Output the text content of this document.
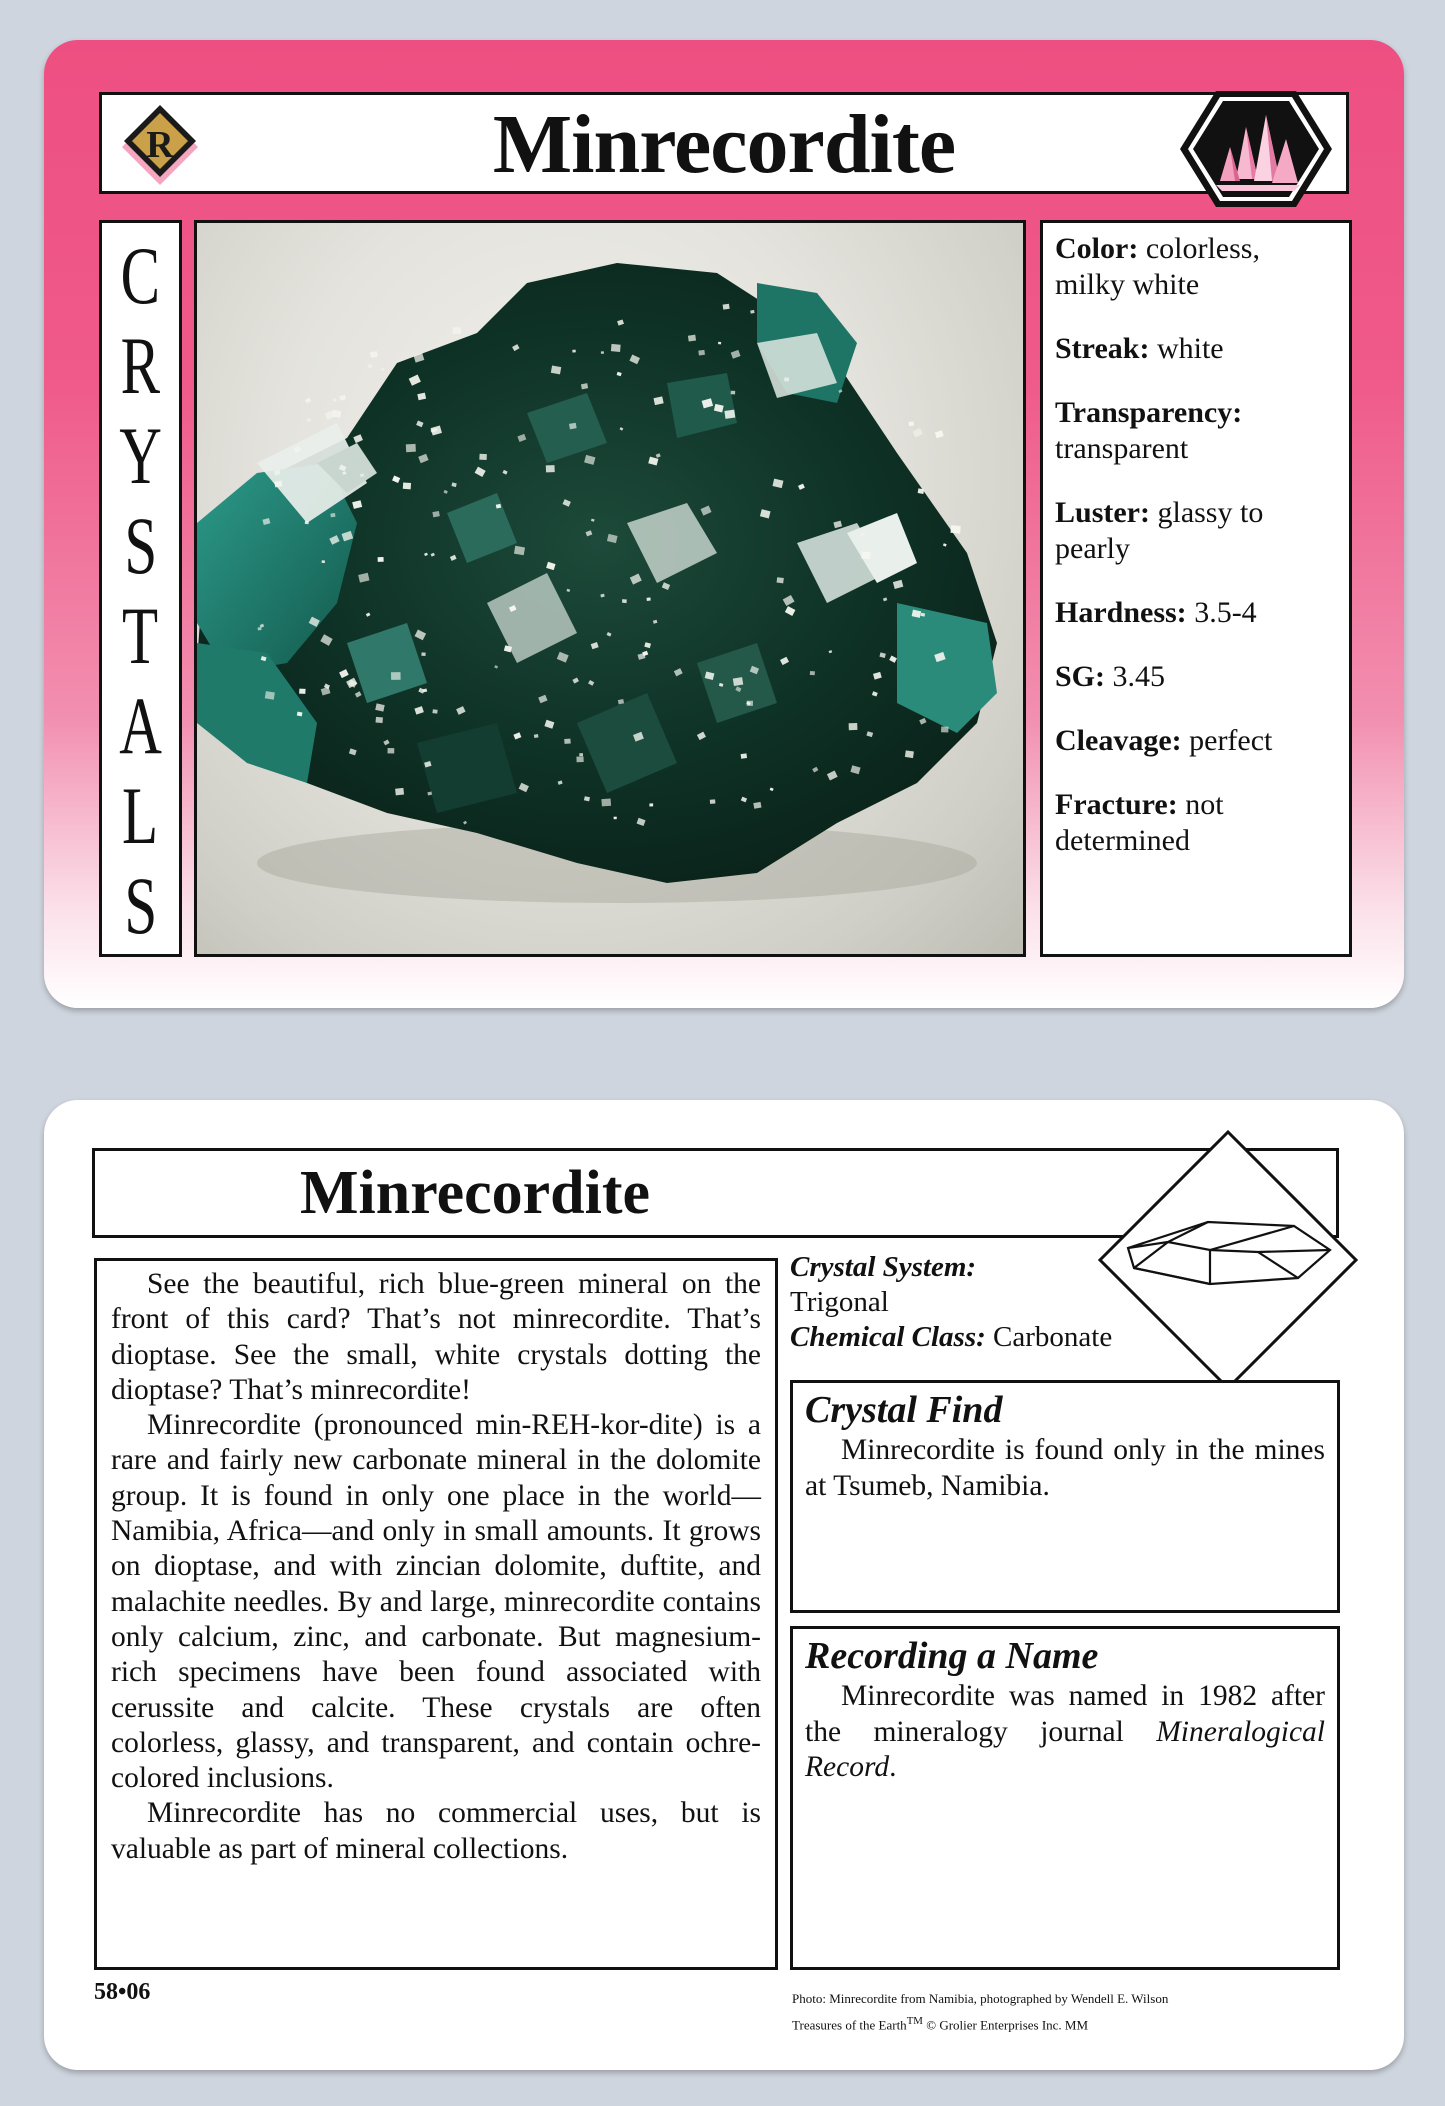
R	Minrecordite
C
R
Y
S
T
A
L
S
Color: colorless, milky white
Streak: white
Transparency: transparent
Luster: glassy to pearly
Hardness: 3.5-4
SG: 3.45
Cleavage: perfect
Fracture: not determined
Minrecordite

See the beautiful, rich blue-green mineral on the front of this card? That’s not minrecordite. That’s dioptase. See the small, white crystals dotting the dioptase? That’s minrecordite!

Minrecordite (pronounced min-REH-kor-dite) is a rare and fairly new carbonate mineral in the dolomite group. It is found in only one place in the world—Namibia, Africa—and only in small amounts. It grows on dioptase, and with zincian dolomite, duftite, and malachite needles. By and large, minrecordite contains only calcium, zinc, and carbonate. But magnesium-rich specimens have been found associated with cerussite and calcite. These crystals are often colorless, glassy, and transparent, and contain ochre-colored inclusions.

Minrecordite has no commercial uses, but is valuable as part of mineral collections.

Crystal System:
Trigonal
Chemical Class: Carbonate
Crystal Find

Minrecordite is found only in the mines at Tsumeb, Namibia.

Recording a Name

Minrecordite was named in 1982 after the mineralogy journal Mineralogical Record.

58•06	Photo: Minrecordite from Namibia, photographed by Wendell E. Wilson
Treasures of the Earth™ © Grolier Enterprises Inc. MM
